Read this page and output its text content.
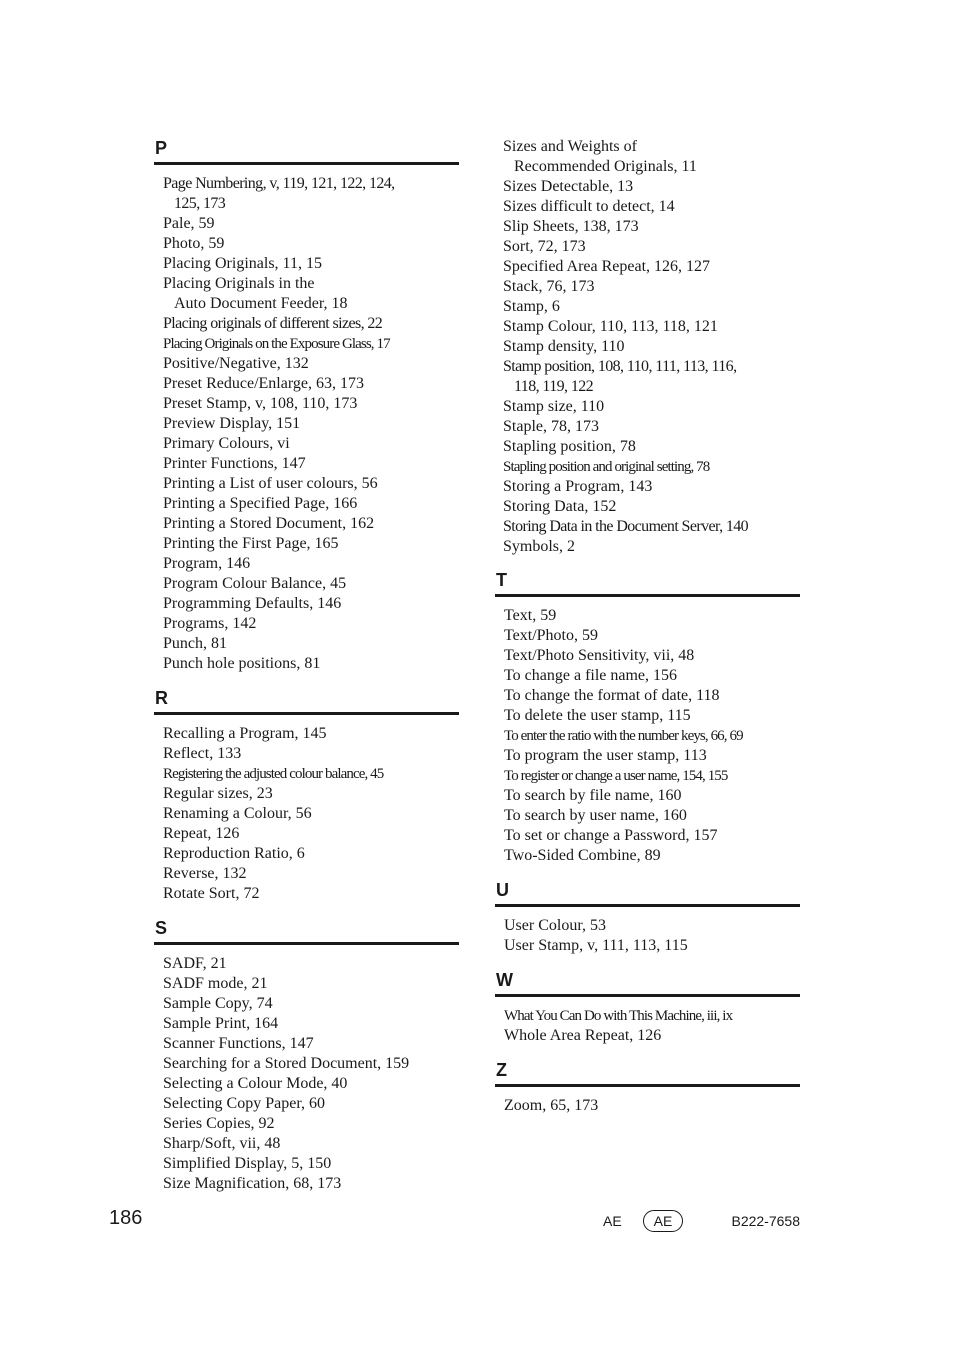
P
Page Numbering, v, 119, 121, 122, 124,
125, 173
Pale, 59
Photo, 59
Placing Originals, 11, 15
Placing Originals in the
Auto Document Feeder, 18
Placing originals of different sizes, 22
Placing Originals on the Exposure Glass, 17
Positive/Negative, 132
Preset Reduce/Enlarge, 63, 173
Preset Stamp, v, 108, 110, 173
Preview Display, 151
Primary Colours, vi
Printer Functions, 147
Printing a List of user colours, 56
Printing a Specified Page, 166
Printing a Stored Document, 162
Printing the First Page, 165
Program, 146
Program Colour Balance, 45
Programming Defaults, 146
Programs, 142
Punch, 81
Punch hole positions, 81
R
Recalling a Program, 145
Reflect, 133
Registering the adjusted colour balance, 45
Regular sizes, 23
Renaming a Colour, 56
Repeat, 126
Reproduction Ratio, 6
Reverse, 132
Rotate Sort, 72
S
SADF, 21
SADF mode, 21
Sample Copy, 74
Sample Print, 164
Scanner Functions, 147
Searching for a Stored Document, 159
Selecting a Colour Mode, 40
Selecting Copy Paper, 60
Series Copies, 92
Sharp/Soft, vii, 48
Simplified Display, 5, 150
Size Magnification, 68, 173
Sizes and Weights of
Recommended Originals, 11
Sizes Detectable, 13
Sizes difficult to detect, 14
Slip Sheets, 138, 173
Sort, 72, 173
Specified Area Repeat, 126, 127
Stack, 76, 173
Stamp, 6
Stamp Colour, 110, 113, 118, 121
Stamp density, 110
Stamp position, 108, 110, 111, 113, 116,
118, 119, 122
Stamp size, 110
Staple, 78, 173
Stapling position, 78
Stapling position and original setting, 78
Storing a Program, 143
Storing Data, 152
Storing Data in the Document Server, 140
Symbols, 2
T
Text, 59
Text/Photo, 59
Text/Photo Sensitivity, vii, 48
To change a file name, 156
To change the format of date, 118
To delete the user stamp, 115
To enter the ratio with the number keys, 66, 69
To program the user stamp, 113
To register or change a user name, 154, 155
To search by file name, 160
To search by user name, 160
To set or change a Password, 157
Two-Sided Combine, 89
U
User Colour, 53
User Stamp, v, 111, 113, 115
W
What You Can Do with This Machine, iii, ix
Whole Area Repeat, 126
Z
Zoom, 65, 173
186	AE	AE	B222-7658
